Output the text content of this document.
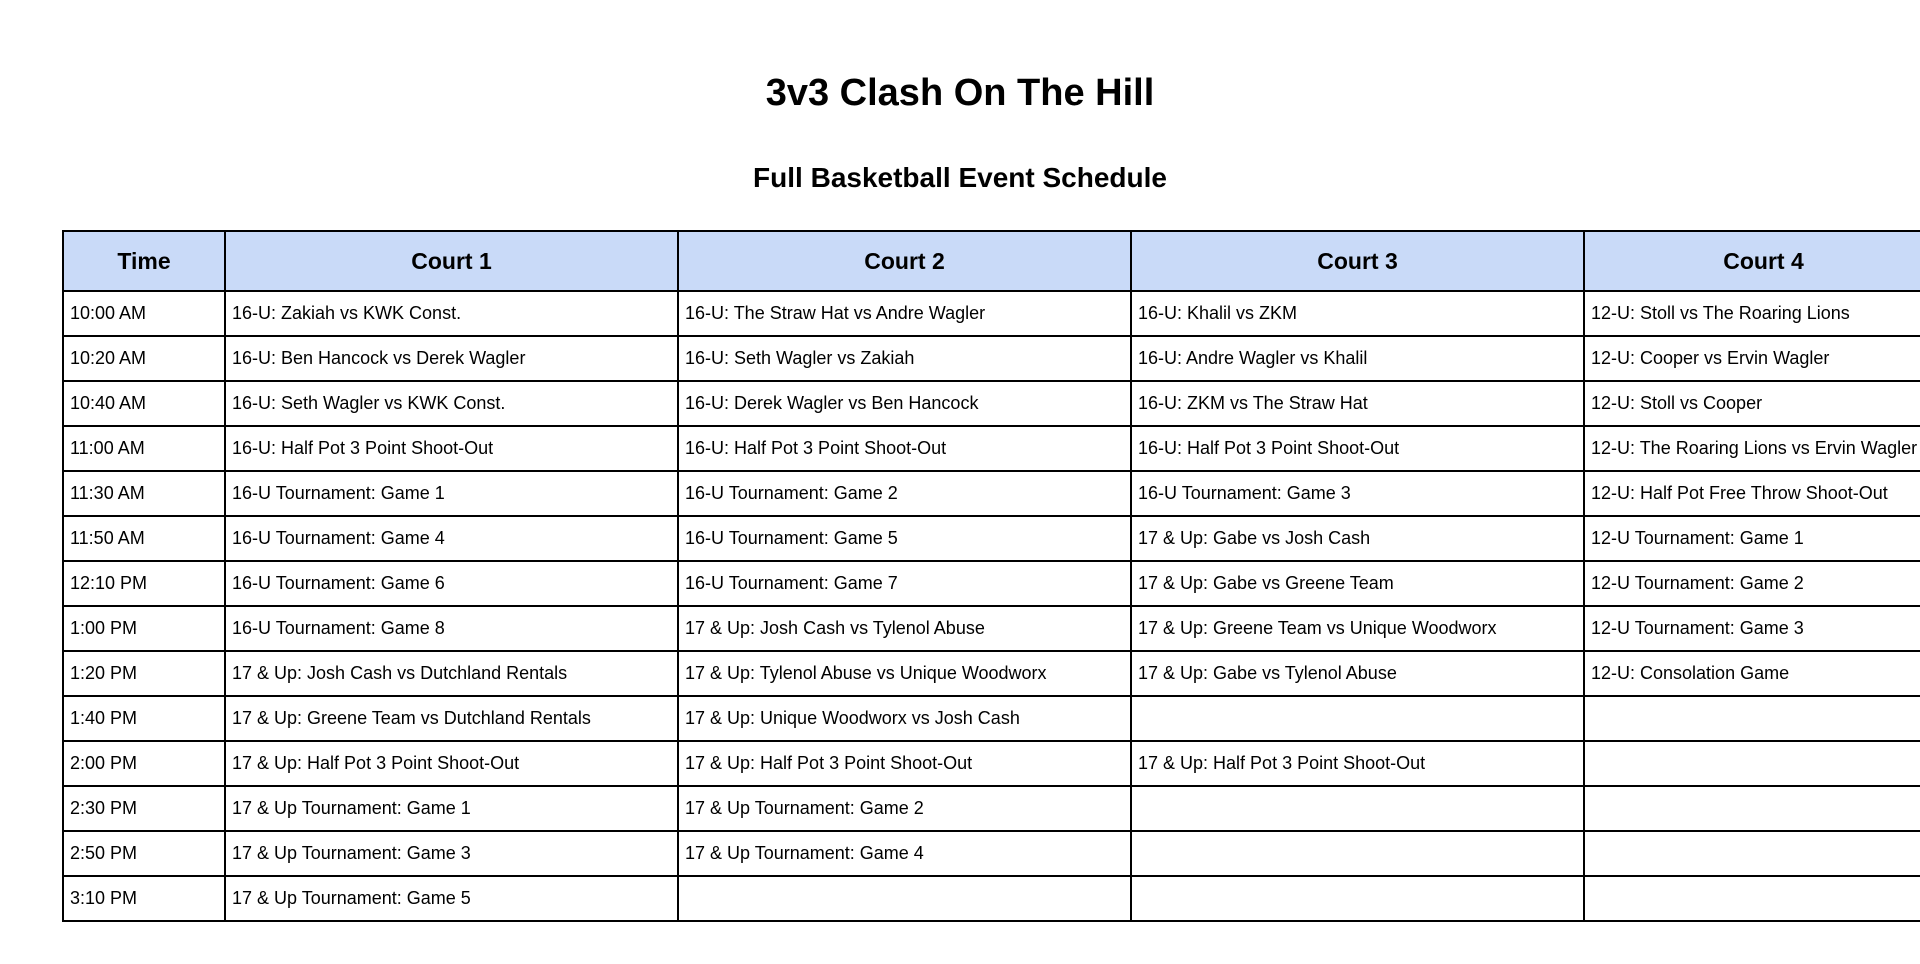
3v3 Clash On The Hill
Full Basketball Event Schedule
Time	Court 1	Court 2	Court 3	Court 4
10:00 AM	16-U: Zakiah vs KWK Const.	16-U: The Straw Hat vs Andre Wagler	16-U: Khalil vs ZKM	12-U: Stoll vs The Roaring Lions
10:20 AM	16-U: Ben Hancock vs Derek Wagler	16-U: Seth Wagler vs Zakiah	16-U: Andre Wagler vs Khalil	12-U: Cooper vs Ervin Wagler
10:40 AM	16-U: Seth Wagler vs KWK Const.	16-U: Derek Wagler vs Ben Hancock	16-U: ZKM vs The Straw Hat	12-U: Stoll vs Cooper
11:00 AM	16-U: Half Pot 3 Point Shoot-Out	16-U: Half Pot 3 Point Shoot-Out	16-U: Half Pot 3 Point Shoot-Out	12-U: The Roaring Lions vs Ervin Wagler
11:30 AM	16-U Tournament: Game 1	16-U Tournament: Game 2	16-U Tournament: Game 3	12-U: Half Pot Free Throw Shoot-Out
11:50 AM	16-U Tournament: Game 4	16-U Tournament: Game 5	17 & Up: Gabe vs Josh Cash	12-U Tournament: Game 1
12:10 PM	16-U Tournament: Game 6	16-U Tournament: Game 7	17 & Up: Gabe vs Greene Team	12-U Tournament: Game 2
1:00 PM	16-U Tournament: Game 8	17 & Up: Josh Cash vs Tylenol Abuse	17 & Up: Greene Team vs Unique Woodworx	12-U Tournament: Game 3
1:20 PM	17 & Up: Josh Cash vs Dutchland Rentals	17 & Up: Tylenol Abuse vs Unique Woodworx	17 & Up: Gabe vs Tylenol Abuse	12-U: Consolation Game
1:40 PM	17 & Up: Greene Team vs Dutchland Rentals	17 & Up: Unique Woodworx vs Josh Cash		
2:00 PM	17 & Up: Half Pot 3 Point Shoot-Out	17 & Up: Half Pot 3 Point Shoot-Out	17 & Up: Half Pot 3 Point Shoot-Out	
2:30 PM	17 & Up Tournament: Game 1	17 & Up Tournament: Game 2		
2:50 PM	17 & Up Tournament: Game 3	17 & Up Tournament: Game 4		
3:10 PM	17 & Up Tournament: Game 5			
